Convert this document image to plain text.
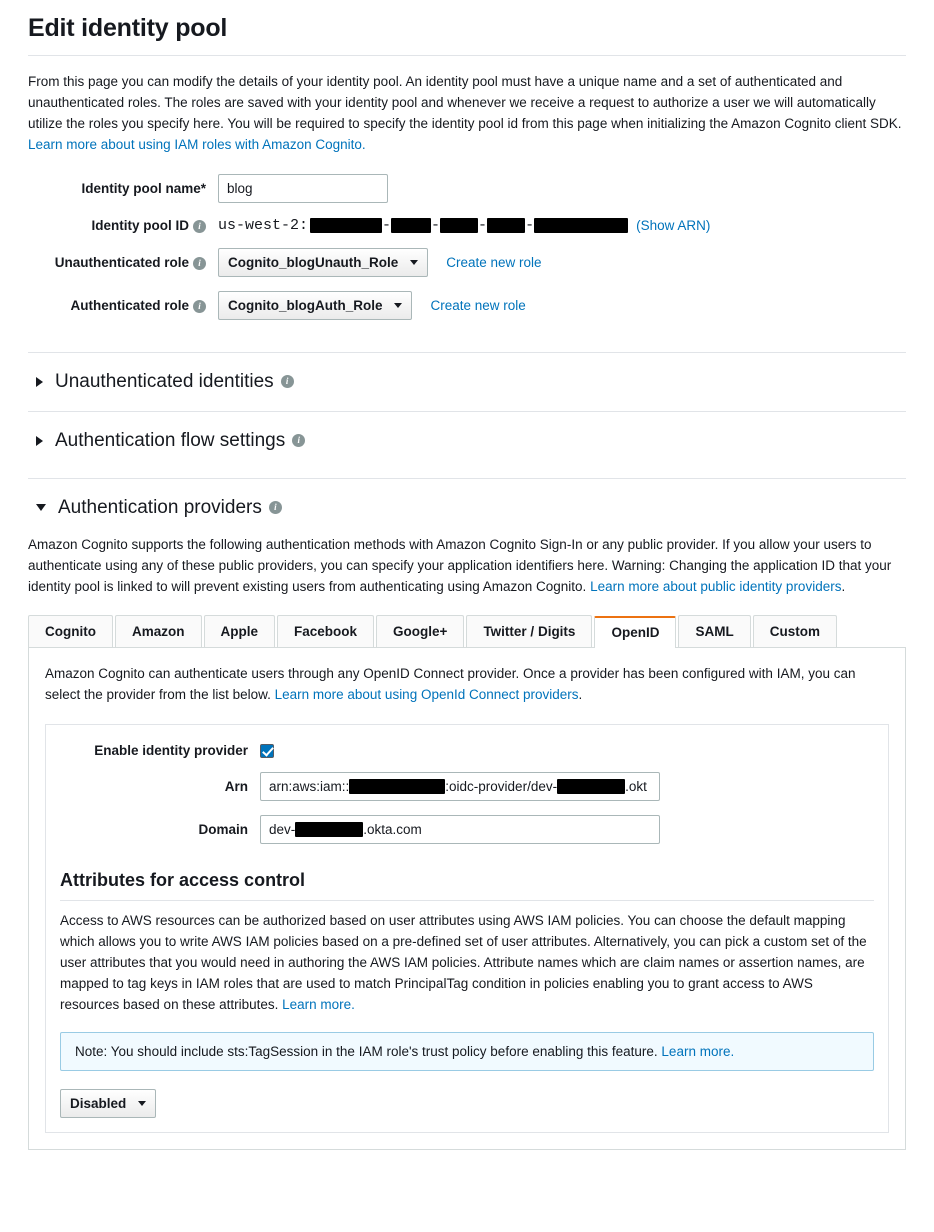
Edit identity pool

From this page you can modify the details of your identity pool. An identity pool must have a unique name and a set of authenticated and unauthenticated roles. The roles are saved with your identity pool and whenever we receive a request to authorize a user we will automatically utilize the roles you specify here. You will be required to specify the identity pool id from this page when initializing the Amazon Cognito client SDK. Learn more about using IAM roles with Amazon Cognito.

Identity pool name*
blog
Identity pool ID i	us-west-2:	-	-	-	-	(Show ARN)
Unauthenticated role i	Cognito_blogUnauth_Role	Create new role
Authenticated role i	Cognito_blogAuth_Role	Create new role
Unauthenticated identities i
Authentication flow settings i
Authentication providers i

Amazon Cognito supports the following authentication methods with Amazon Cognito Sign-In or any public provider. If you allow your users to authenticate using any of these public providers, you can specify your application identifiers here. Warning: Changing the application ID that your identity pool is linked to will prevent existing users from authenticating using Amazon Cognito. Learn more about public identity providers.

Cognito	Amazon	Apple	Facebook	Google+	Twitter / Digits	OpenID	SAML	Custom

Amazon Cognito can authenticate users through any OpenID Connect provider. Once a provider has been configured with IAM, you can select the provider from the list below. Learn more about using OpenId Connect providers.

Enable identity provider
Arn	arn:aws:iam::	:oidc-provider/dev-	.okt
Domain	dev-	.okta.com
Attributes for access control

Access to AWS resources can be authorized based on user attributes using AWS IAM policies. You can choose the default mapping which allows you to write AWS IAM policies based on a pre-defined set of user attributes. Alternatively, you can pick a custom set of the user attributes that you would need in authoring the AWS IAM policies. Attribute names which are claim names or assertion names, are mapped to tag keys in IAM roles that are used to match PrincipalTag condition in policies enabling you to grant access to AWS resources based on these attributes. Learn more.

Note: You should include sts:TagSession in the IAM role's trust policy before enabling this feature. Learn more.
Disabled
